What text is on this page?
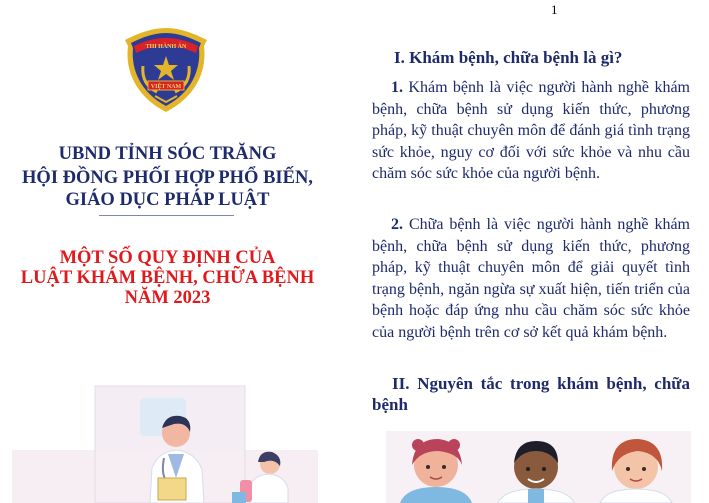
1
THI HÀNH ÁN
VIỆT NAM
UBND TỈNH SÓC TRĂNG
HỘI ĐỒNG PHỐI HỢP PHỔ BIẾN,
GIÁO DỤC PHÁP LUẬT
MỘT SỐ QUY ĐỊNH CỦA
LUẬT KHÁM BỆNH, CHỮA BỆNH
NĂM 2023
I. Khám bệnh, chữa bệnh là gì?

1. Khám bệnh là việc người hành nghề khám bệnh, chữa bệnh sử dụng kiến thức, phương pháp, kỹ thuật chuyên môn để đánh giá tình trạng sức khỏe, nguy cơ đối với sức khỏe và nhu cầu chăm sóc sức khỏe của người bệnh.

2. Chữa bệnh là việc người hành nghề khám bệnh, chữa bệnh sử dụng kiến thức, phương pháp, kỹ thuật chuyên môn để giải quyết tình trạng bệnh, ngăn ngừa sự xuất hiện, tiến triển của bệnh hoặc đáp ứng nhu cầu chăm sóc sức khỏe của người bệnh trên cơ sở kết quả khám bệnh.

II. Nguyên tắc trong khám bệnh, chữa bệnh
